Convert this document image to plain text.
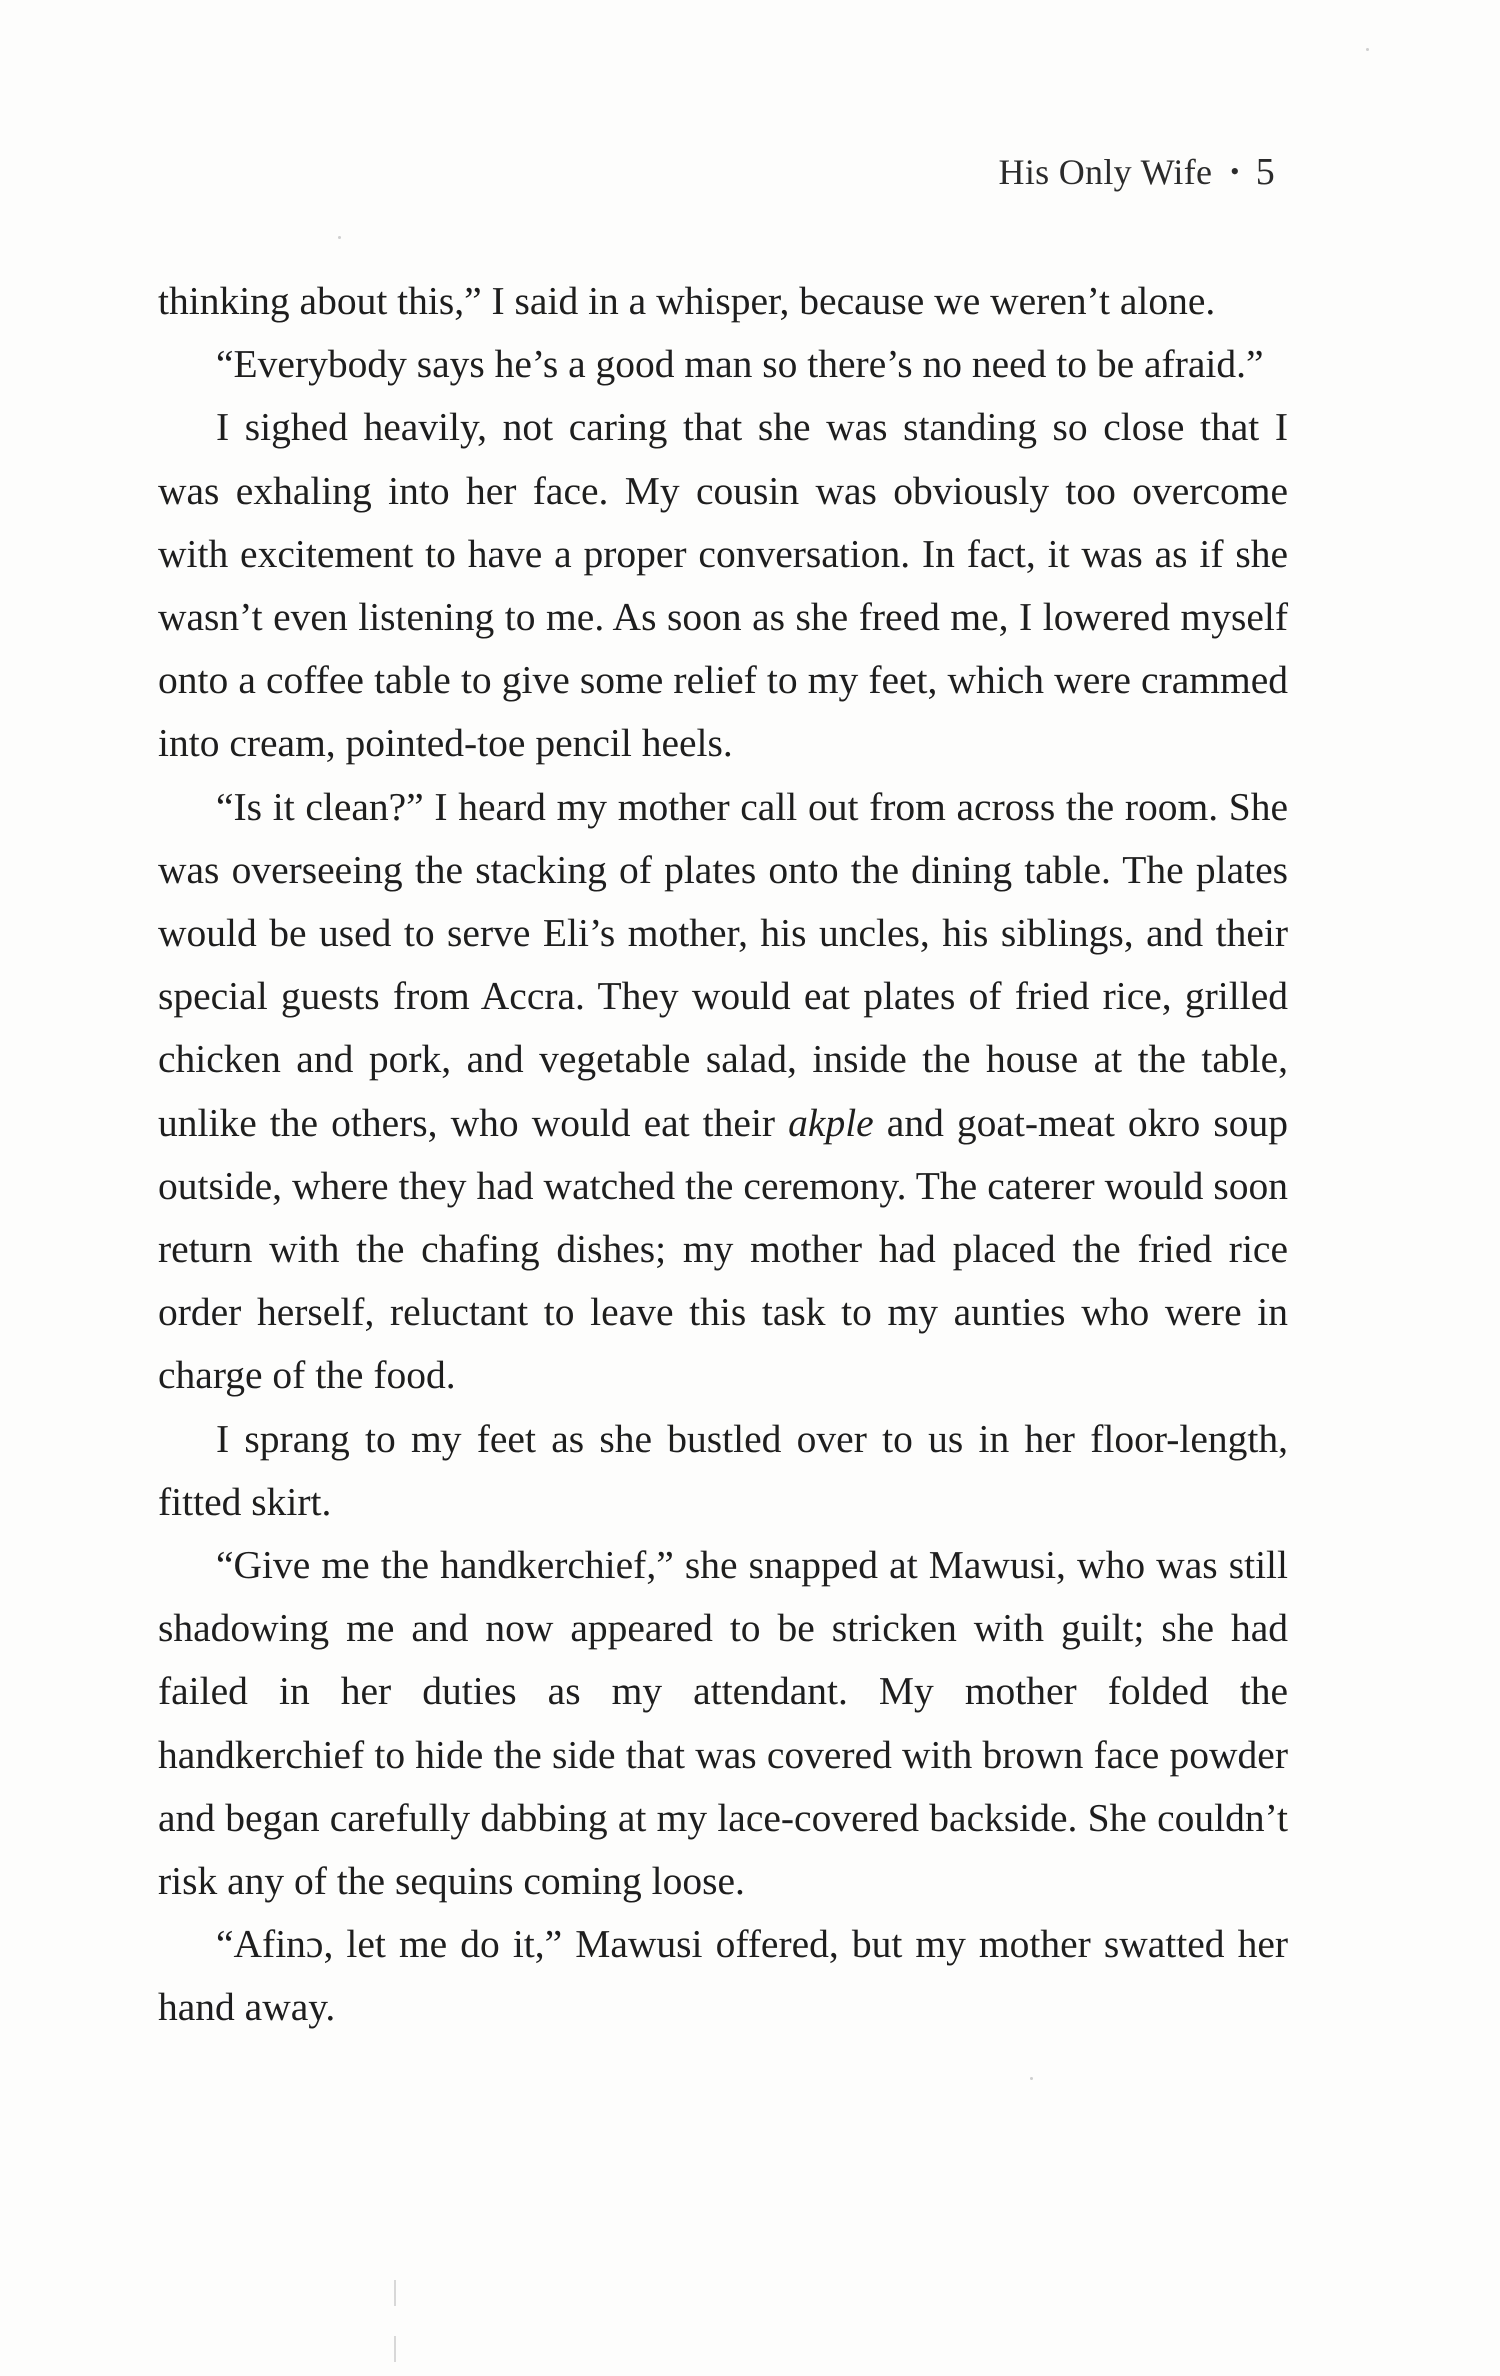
His Only Wife • 5

thinking about this,” I said in a whisper, because we weren’t alone.

“Everybody says he’s a good man so there’s no need to be afraid.”

I sighed heavily, not caring that she was standing so close that I was exhaling into her face. My cousin was obviously too overcome with excitement to have a proper conversation. In fact, it was as if she wasn’t even listening to me. As soon as she freed me, I lowered myself onto a coffee table to give some relief to my feet, which were crammed into cream, pointed-toe pencil heels.

“Is it clean?” I heard my mother call out from across the room. She was overseeing the stacking of plates onto the dining table. The plates would be used to serve Eli’s mother, his uncles, his siblings, and their special guests from Accra. They would eat plates of fried rice, grilled chicken and pork, and vegetable salad, inside the house at the table, unlike the others, who would eat their akple and goat-meat okro soup outside, where they had watched the ceremony. The caterer would soon return with the chafing dishes; my mother had placed the fried rice order herself, reluctant to leave this task to my aunties who were in charge of the food.

I sprang to my feet as she bustled over to us in her floor-length, fitted skirt.

“Give me the handkerchief,” she snapped at Mawusi, who was still shadowing me and now appeared to be stricken with guilt; she had failed in her duties as my attendant. My mother folded the handkerchief to hide the side that was covered with brown face powder and began carefully dabbing at my lace-covered backside. She couldn’t risk any of the sequins coming loose.

“Afinɔ, let me do it,” Mawusi offered, but my mother swatted her hand away.
